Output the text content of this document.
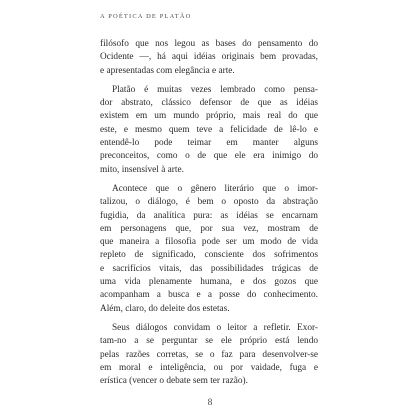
A POÉTICA DE PLATÃO
filósofo que nos legou as bases do pensamento do
Ocidente —, há aqui idéias originais bem provadas,
e apresentadas com elegância e arte.
Platão é muitas vezes lembrado como pensa-
dor abstrato, clássico defensor de que as idéias
existem em um mundo próprio, mais real do que
este, e mesmo quem teve a felicidade de lê-lo e
entendê-lo pode teimar em manter alguns
preconceitos, como o de que ele era inimigo do
mito, insensível à arte.
Acontece que o gênero literário que o imor-
talizou, o diálogo, é bem o oposto da abstração
fugidia, da analítica pura: as idéias se encarnam
em personagens que, por sua vez, mostram de
que maneira a filosofia pode ser um modo de vida
repleto de significado, consciente dos sofrimentos
e sacrifícios vitais, das possibilidades trágicas de
uma vida plenamente humana, e dos gozos que
acompanham a busca e a posse do conhecimento.
Além, claro, do deleite dos estetas.
Seus diálogos convidam o leitor a refletir. Exor-
tam-no a se perguntar se ele próprio está lendo
pelas razões corretas, se o faz para desenvolver-se
em moral e inteligência, ou por vaidade, fuga e
erística (vencer o debate sem ter razão).
8
